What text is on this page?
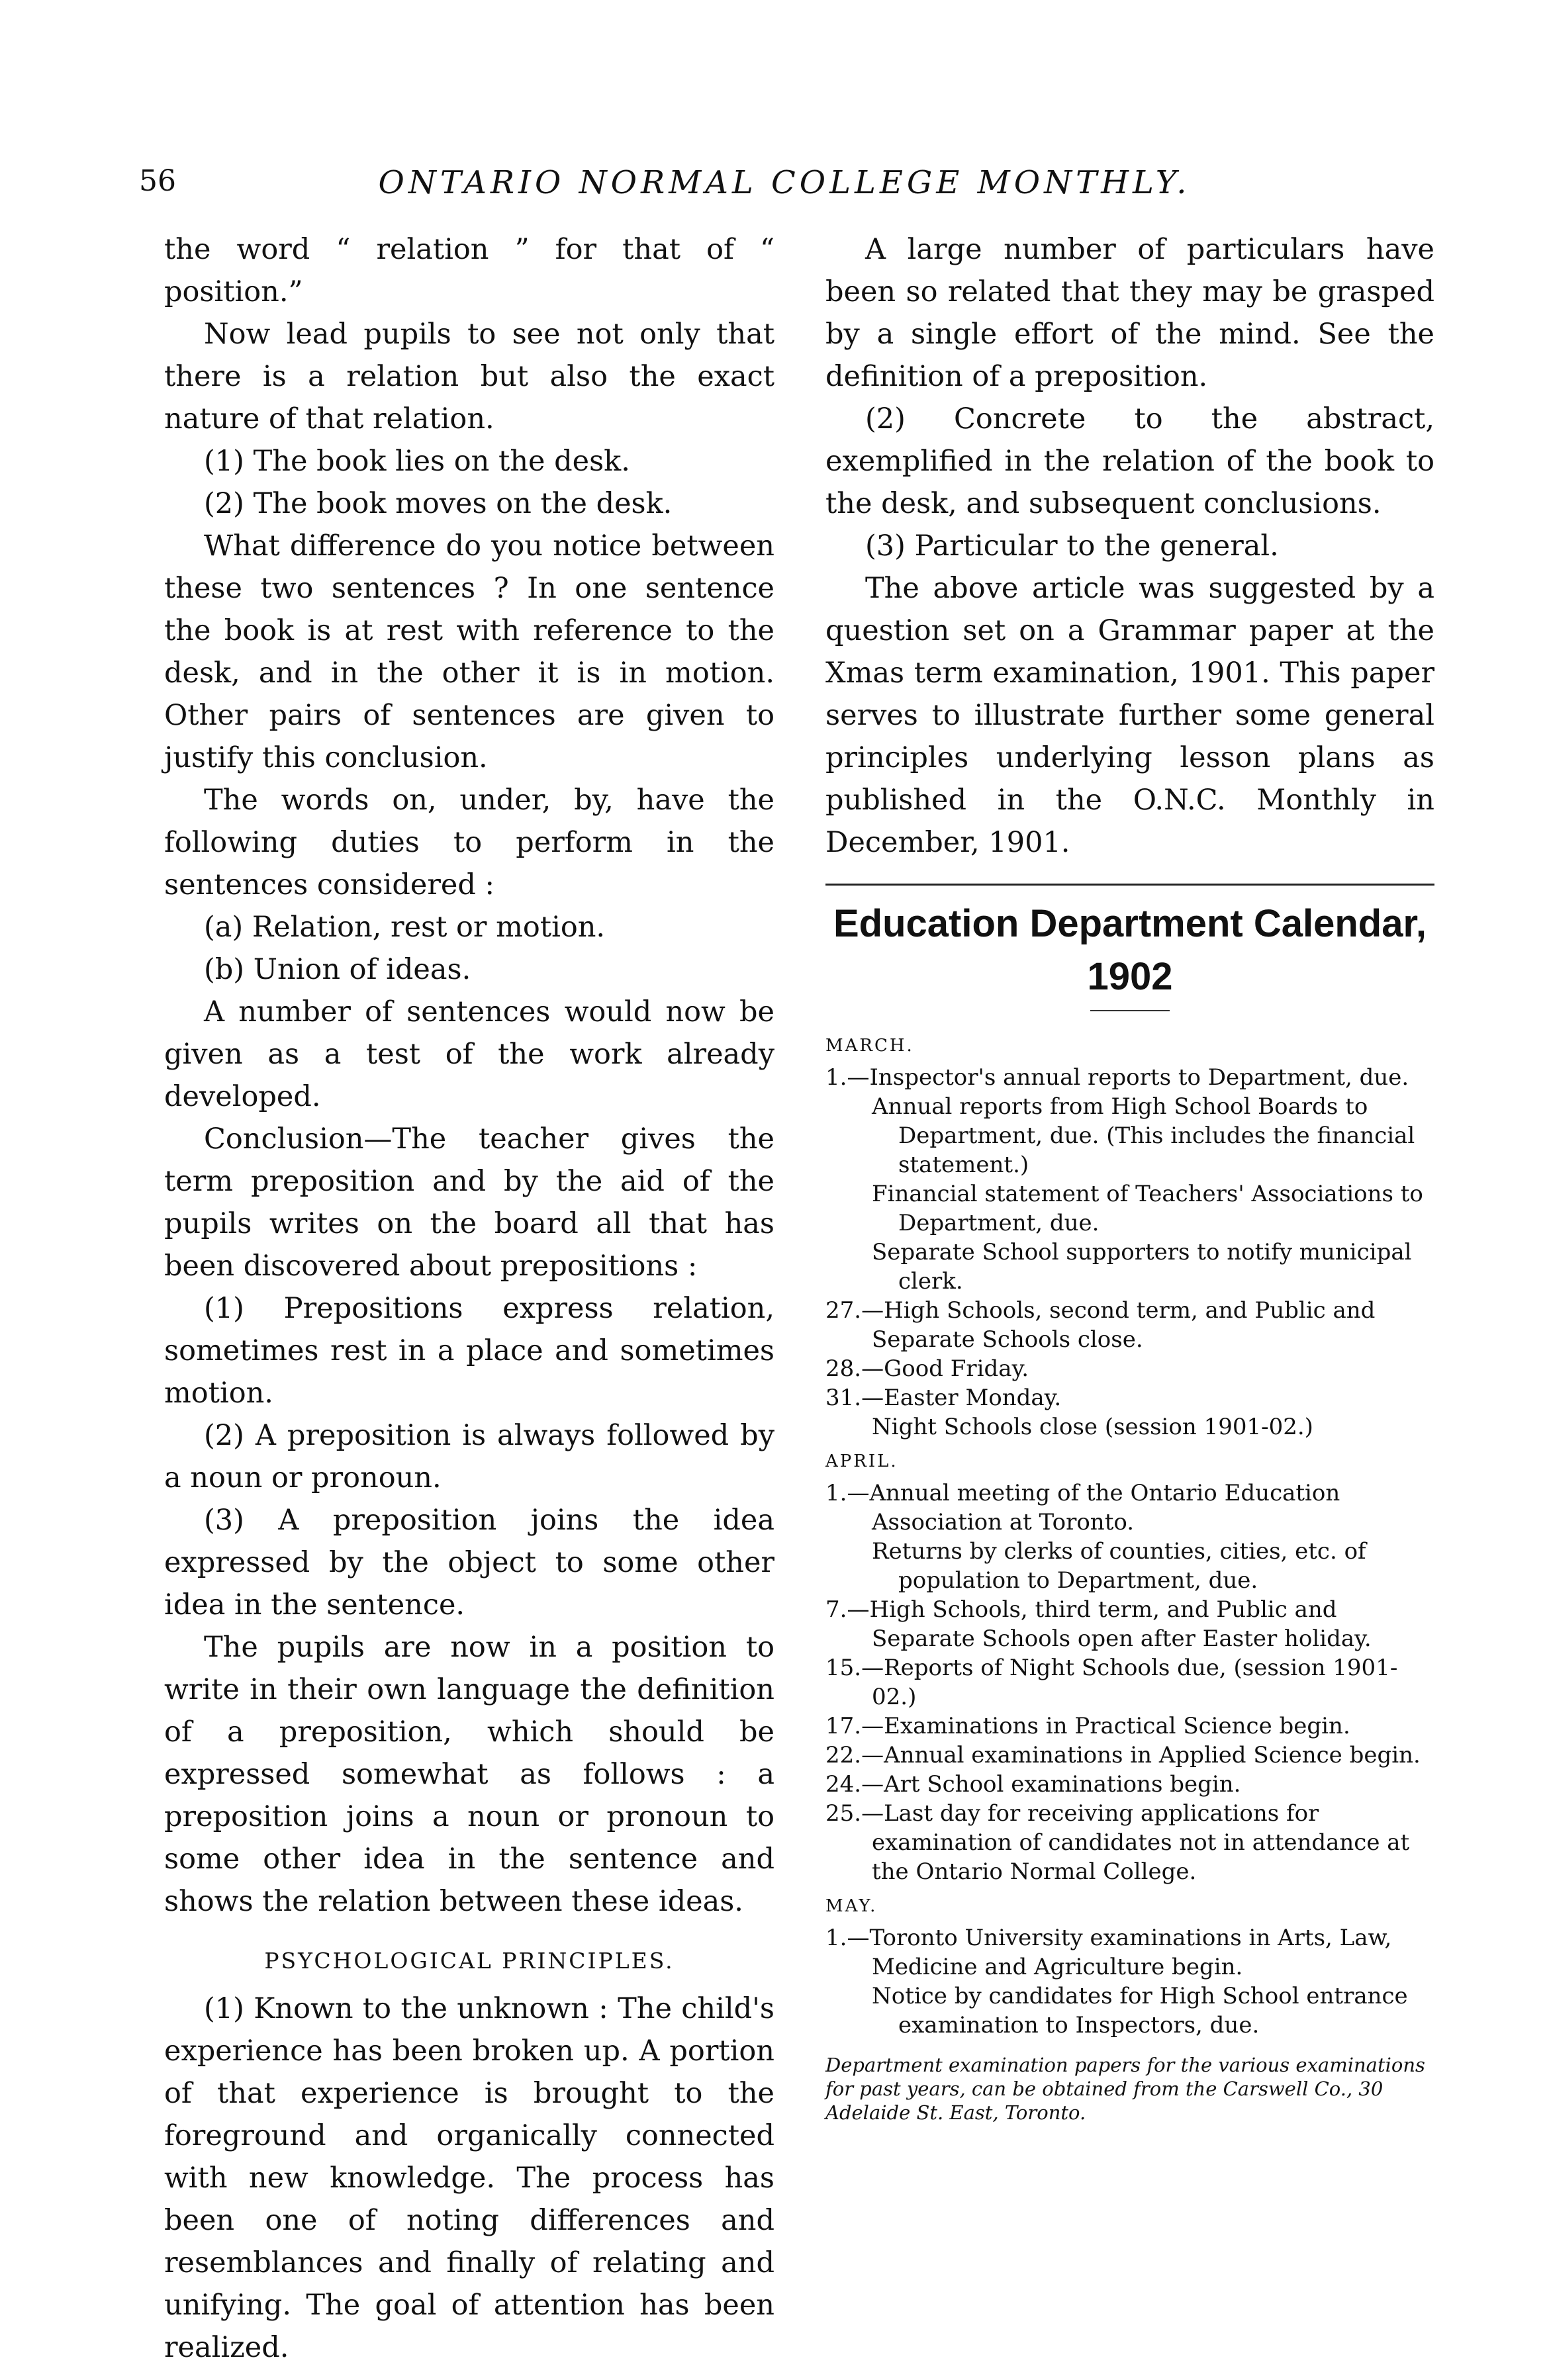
56	ONTARIO NORMAL COLLEGE MONTHLY.

the word “ relation ” for that of “ position.”

Now lead pupils to see not only that there is a relation but also the exact nature of that relation.

(1) The book lies on the desk.

(2) The book moves on the desk.

What difference do you notice between these two sentences ? In one sentence the book is at rest with reference to the desk, and in the other it is in motion. Other pairs of sentences are given to justify this conclusion.

The words on, under, by, have the following duties to perform in the sentences considered :

(a) Relation, rest or motion.

(b) Union of ideas.

A number of sentences would now be given as a test of the work already developed.

Conclusion—The teacher gives the term preposition and by the aid of the pupils writes on the board all that has been discovered about prepositions :

(1) Prepositions express relation, sometimes rest in a place and sometimes motion.

(2) A preposition is always followed by a noun or pronoun.

(3) A preposition joins the idea expressed by the object to some other idea in the sentence.

The pupils are now in a position to write in their own language the definition of a preposition, which should be expressed somewhat as follows : a preposition joins a noun or pronoun to some other idea in the sentence and shows the relation between these ideas.

PSYCHOLOGICAL PRINCIPLES.

(1) Known to the unknown : The child's experience has been broken up. A portion of that experience is brought to the foreground and organically connected with new knowledge. The process has been one of noting differences and resemblances and finally of relating and unifying. The goal of attention has been realized.

A large number of particulars have been so related that they may be grasped by a single effort of the mind. See the definition of a preposition.

(2) Concrete to the abstract, exemplified in the relation of the book to the desk, and subsequent conclusions.

(3) Particular to the general.

The above article was suggested by a question set on a Grammar paper at the Xmas term examination, 1901. This paper serves to illustrate further some general principles underlying lesson plans as published in the O.N.C. Monthly in December, 1901.

Education Department Calendar, 1902
MARCH.

1.—Inspector's annual reports to Department, due.

Annual reports from High School Boards to Department, due. (This includes the financial statement.)

Financial statement of Teachers' Associations to Department, due.

Separate School supporters to notify municipal clerk.

27.—High Schools, second term, and Public and Separate Schools close.

28.—Good Friday.

31.—Easter Monday.

Night Schools close (session 1901-02.)

APRIL.

1.—Annual meeting of the Ontario Education Association at Toronto.

Returns by clerks of counties, cities, etc. of population to Department, due.

7.—High Schools, third term, and Public and Separate Schools open after Easter holiday.

15.—Reports of Night Schools due, (session 1901-02.)

17.—Examinations in Practical Science begin.

22.—Annual examinations in Applied Science begin.

24.—Art School examinations begin.

25.—Last day for receiving applications for examination of candidates not in attendance at the Ontario Normal College.

MAY.

1.—Toronto University examinations in Arts, Law, Medicine and Agriculture begin.

Notice by candidates for High School entrance examination to Inspectors, due.

Department examination papers for the various examinations for past years, can be obtained from the Carswell Co., 30 Adelaide St. East, Toronto.
